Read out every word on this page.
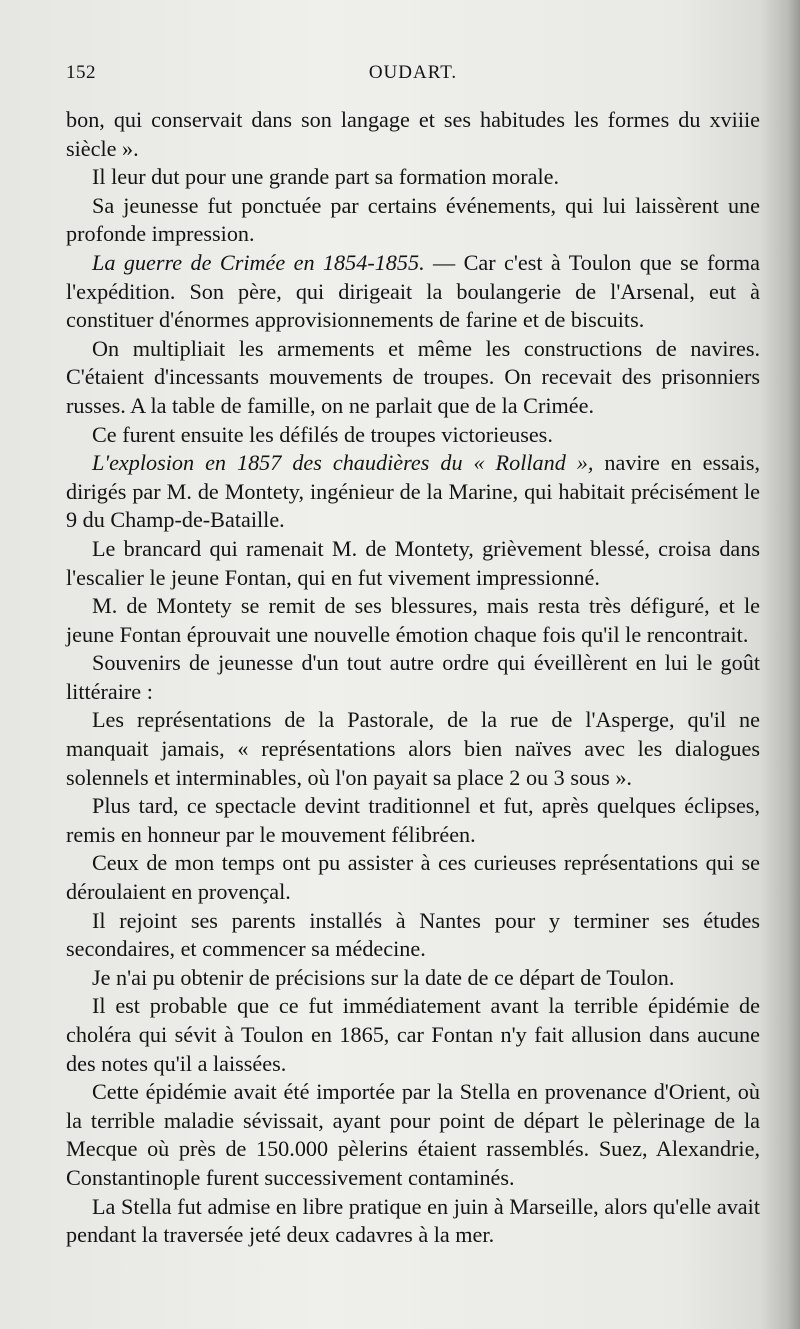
152	OUDART.

bon, qui conservait dans son langage et ses habitudes les formes du xviiie siècle ».

Il leur dut pour une grande part sa formation morale.

Sa jeunesse fut ponctuée par certains événements, qui lui laissèrent une profonde impression.

La guerre de Crimée en 1854-1855. — Car c'est à Toulon que se forma l'expédition. Son père, qui dirigeait la boulangerie de l'Arsenal, eut à constituer d'énormes approvisionnements de farine et de biscuits.

On multipliait les armements et même les constructions de navires. C'étaient d'incessants mouvements de troupes. On recevait des prisonniers russes. A la table de famille, on ne parlait que de la Crimée.

Ce furent ensuite les défilés de troupes victorieuses.

L'explosion en 1857 des chaudières du « Rolland », navire en essais, dirigés par M. de Montety, ingénieur de la Marine, qui habitait précisément le 9 du Champ-de-Bataille.

Le brancard qui ramenait M. de Montety, grièvement blessé, croisa dans l'escalier le jeune Fontan, qui en fut vivement impressionné.

M. de Montety se remit de ses blessures, mais resta très défiguré, et le jeune Fontan éprouvait une nouvelle émotion chaque fois qu'il le rencontrait.

Souvenirs de jeunesse d'un tout autre ordre qui éveillèrent en lui le goût littéraire :

Les représentations de la Pastorale, de la rue de l'Asperge, qu'il ne manquait jamais, « représentations alors bien naïves avec les dialogues solennels et interminables, où l'on payait sa place 2 ou 3 sous ».

Plus tard, ce spectacle devint traditionnel et fut, après quelques éclipses, remis en honneur par le mouvement félibréen.

Ceux de mon temps ont pu assister à ces curieuses représentations qui se déroulaient en provençal.

Il rejoint ses parents installés à Nantes pour y terminer ses études secondaires, et commencer sa médecine.

Je n'ai pu obtenir de précisions sur la date de ce départ de Toulon.

Il est probable que ce fut immédiatement avant la terrible épidémie de choléra qui sévit à Toulon en 1865, car Fontan n'y fait allusion dans aucune des notes qu'il a laissées.

Cette épidémie avait été importée par la Stella en provenance d'Orient, où la terrible maladie sévissait, ayant pour point de départ le pèlerinage de la Mecque où près de 150.000 pèlerins étaient rassemblés. Suez, Alexandrie, Constantinople furent successivement contaminés.

La Stella fut admise en libre pratique en juin à Marseille, alors qu'elle avait pendant la traversée jeté deux cadavres à la mer.
